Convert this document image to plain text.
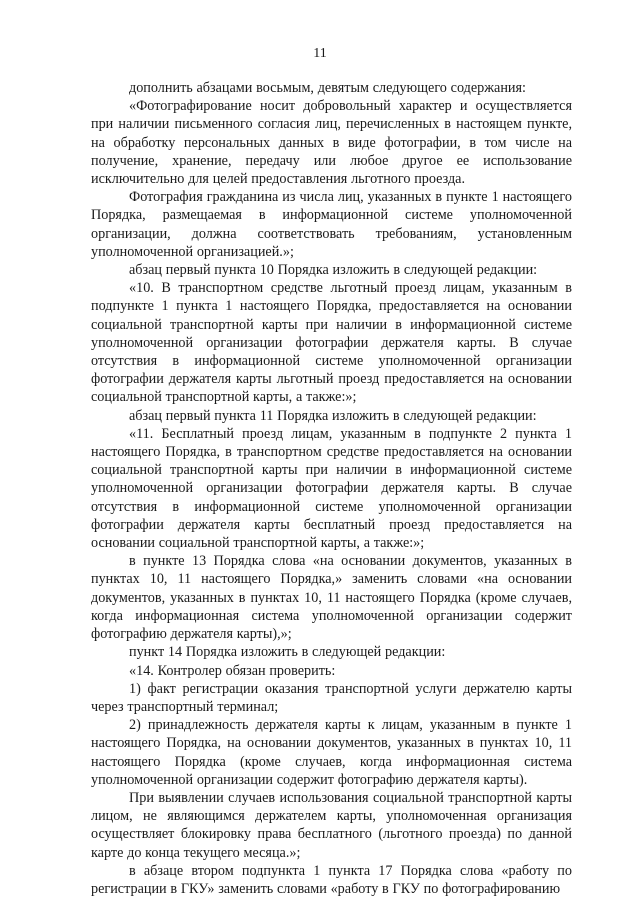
11

дополнить абзацами восьмым, девятым следующего содержания:

«Фотографирование носит добровольный характер и осуществляется при наличии письменного согласия лиц, перечисленных в настоящем пункте, на обработку персональных данных в виде фотографии, в том числе на получение, хранение, передачу или любое другое ее использование исключительно для целей предоставления льготного проезда.

Фотография гражданина из числа лиц, указанных в пункте 1 настоящего Порядка, размещаемая в информационной системе уполномоченной организации, должна соответствовать требованиям, установленным уполномоченной организацией.»;

абзац первый пункта 10 Порядка изложить в следующей редакции:

«10. В транспортном средстве льготный проезд лицам, указанным в подпункте 1 пункта 1 настоящего Порядка, предоставляется на основании социальной транспортной карты при наличии в информационной системе уполномоченной организации фотографии держателя карты. В случае отсутствия в информационной системе уполномоченной организации фотографии держателя карты льготный проезд предоставляется на основании социальной транспортной карты, а также:»;

абзац первый пункта 11 Порядка изложить в следующей редакции:

«11. Бесплатный проезд лицам, указанным в подпункте 2 пункта 1 настоящего Порядка, в транспортном средстве предоставляется на основании социальной транспортной карты при наличии в информационной системе уполномоченной организации фотографии держателя карты. В случае отсутствия в информационной системе уполномоченной организации фотографии держателя карты бесплатный проезд предоставляется на основании социальной транспортной карты, а также:»;

в пункте 13 Порядка слова «на основании документов, указанных в пунктах 10, 11 настоящего Порядка,» заменить словами «на основании документов, указанных в пунктах 10, 11 настоящего Порядка (кроме случаев, когда информационная система уполномоченной организации содержит фотографию держателя карты),»;

пункт 14 Порядка изложить в следующей редакции:

«14. Контролер обязан проверить:

1) факт регистрации оказания транспортной услуги держателю карты через транспортный терминал;

2) принадлежность держателя карты к лицам, указанным в пункте 1 настоящего Порядка, на основании документов, указанных в пунктах 10, 11 настоящего Порядка (кроме случаев, когда информационная система уполномоченной организации содержит фотографию держателя карты).

При выявлении случаев использования социальной транспортной карты лицом, не являющимся держателем карты, уполномоченная организация осуществляет блокировку права бесплатного (льготного проезда) по данной карте до конца текущего месяца.»;

в абзаце втором подпункта 1 пункта 17 Порядка слова «работу по регистрации в ГКУ» заменить словами «работу в ГКУ по фотографированию
